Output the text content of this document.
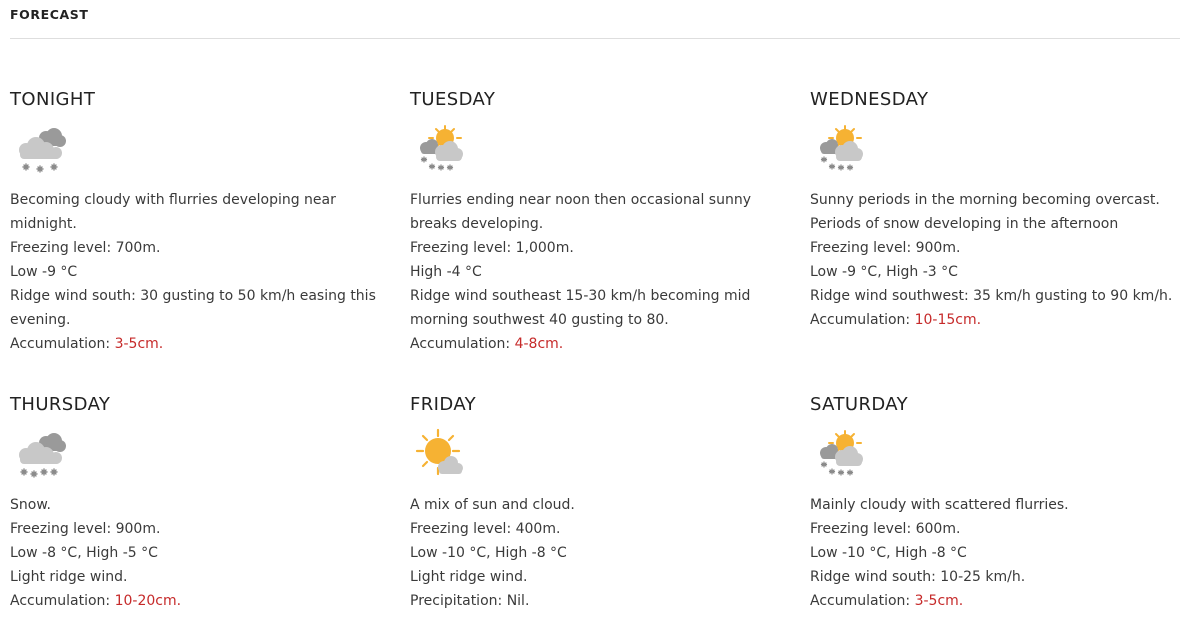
FORECAST
TONIGHT
Becoming cloudy with flurries developing near midnight.
Freezing level: 700m.
Low -9 °C
Ridge wind south: 30 gusting to 50 km/h easing this evening.
Accumulation: 3-5cm.
TUESDAY
Flurries ending near noon then occasional sunny breaks developing.
Freezing level: 1,000m.
High -4 °C
Ridge wind southeast 15-30 km/h becoming mid morning southwest 40 gusting to 80.
Accumulation: 4-8cm.
WEDNESDAY
Sunny periods in the morning becoming overcast.
Periods of snow developing in the afternoon
Freezing level: 900m.
Low -9 °C, High -3 °C
Ridge wind southwest: 35 km/h gusting to 90 km/h.
Accumulation: 10-15cm.
THURSDAY
Snow.
Freezing level: 900m.
Low -8 °C, High -5 °C
Light ridge wind.
Accumulation: 10-20cm.
FRIDAY
A mix of sun and cloud.
Freezing level: 400m.
Low -10 °C, High -8 °C
Light ridge wind.
Precipitation: Nil.
SATURDAY
Mainly cloudy with scattered flurries.
Freezing level: 600m.
Low -10 °C, High -8 °C
Ridge wind south: 10-25 km/h.
Accumulation: 3-5cm.
